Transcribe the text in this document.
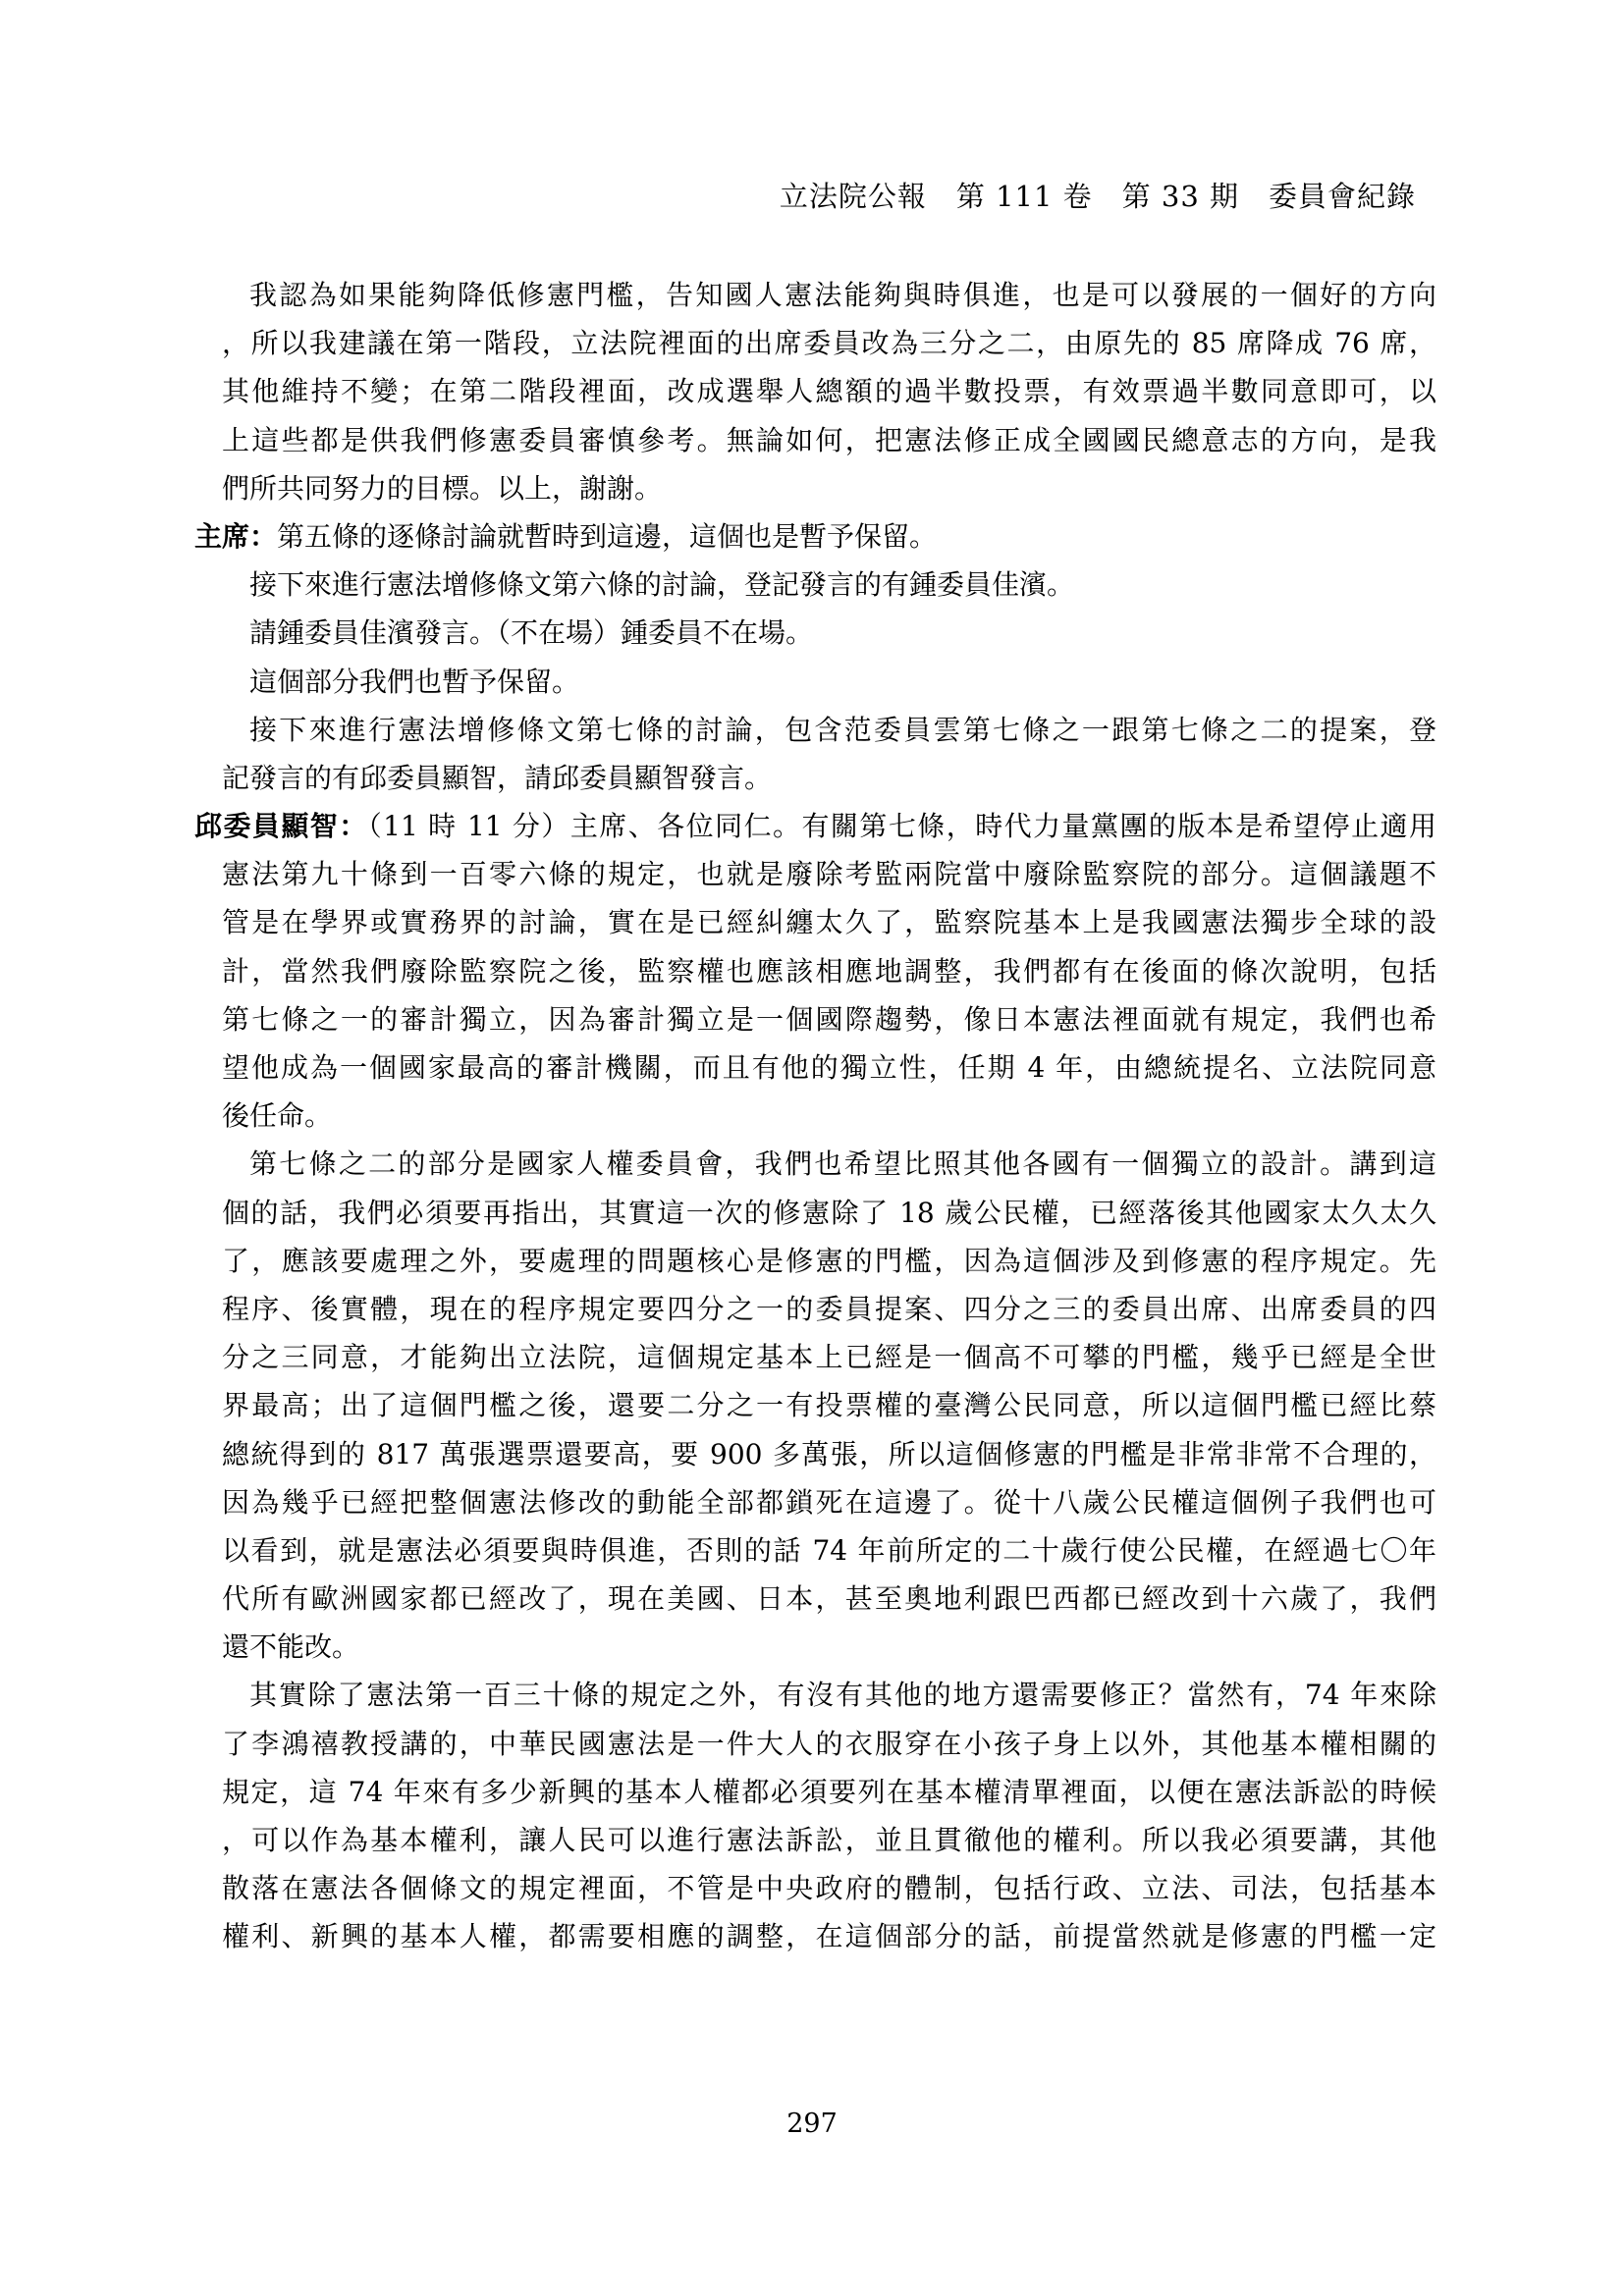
立法院公報　第 111 卷　第 33 期　委員會紀錄
我認為如果能夠降低修憲門檻，告知國人憲法能夠與時俱進，也是可以發展的一個好的方向
，所以我建議在第一階段，立法院裡面的出席委員改為三分之二，由原先的 85 席降成 76 席，
其他維持不變；在第二階段裡面，改成選舉人總額的過半數投票，有效票過半數同意即可，以
上這些都是供我們修憲委員審慎參考。無論如何，把憲法修正成全國國民總意志的方向，是我
們所共同努力的目標。以上，謝謝。
主席：第五條的逐條討論就暫時到這邊，這個也是暫予保留。
接下來進行憲法增修條文第六條的討論，登記發言的有鍾委員佳濱。
請鍾委員佳濱發言。（不在場）鍾委員不在場。
這個部分我們也暫予保留。
接下來進行憲法增修條文第七條的討論，包含范委員雲第七條之一跟第七條之二的提案，登
記發言的有邱委員顯智，請邱委員顯智發言。
邱委員顯智：（11 時 11 分）主席、各位同仁。有關第七條，時代力量黨團的版本是希望停止適用
憲法第九十條到一百零六條的規定，也就是廢除考監兩院當中廢除監察院的部分。這個議題不
管是在學界或實務界的討論，實在是已經糾纏太久了，監察院基本上是我國憲法獨步全球的設
計，當然我們廢除監察院之後，監察權也應該相應地調整，我們都有在後面的條次說明，包括
第七條之一的審計獨立，因為審計獨立是一個國際趨勢，像日本憲法裡面就有規定，我們也希
望他成為一個國家最高的審計機關，而且有他的獨立性，任期 4 年，由總統提名、立法院同意
後任命。
第七條之二的部分是國家人權委員會，我們也希望比照其他各國有一個獨立的設計。講到這
個的話，我們必須要再指出，其實這一次的修憲除了 18 歲公民權，已經落後其他國家太久太久
了，應該要處理之外，要處理的問題核心是修憲的門檻，因為這個涉及到修憲的程序規定。先
程序、後實體，現在的程序規定要四分之一的委員提案、四分之三的委員出席、出席委員的四
分之三同意，才能夠出立法院，這個規定基本上已經是一個高不可攀的門檻，幾乎已經是全世
界最高；出了這個門檻之後，還要二分之一有投票權的臺灣公民同意，所以這個門檻已經比蔡
總統得到的 817 萬張選票還要高，要 900 多萬張，所以這個修憲的門檻是非常非常不合理的，
因為幾乎已經把整個憲法修改的動能全部都鎖死在這邊了。從十八歲公民權這個例子我們也可
以看到，就是憲法必須要與時俱進，否則的話 74 年前所定的二十歲行使公民權，在經過七〇年
代所有歐洲國家都已經改了，現在美國、日本，甚至奧地利跟巴西都已經改到十六歲了，我們
還不能改。
其實除了憲法第一百三十條的規定之外，有沒有其他的地方還需要修正？當然有，74 年來除
了李鴻禧教授講的，中華民國憲法是一件大人的衣服穿在小孩子身上以外，其他基本權相關的
規定，這 74 年來有多少新興的基本人權都必須要列在基本權清單裡面，以便在憲法訴訟的時候
，可以作為基本權利，讓人民可以進行憲法訴訟，並且貫徹他的權利。所以我必須要講，其他
散落在憲法各個條文的規定裡面，不管是中央政府的體制，包括行政、立法、司法，包括基本
權利、新興的基本人權，都需要相應的調整，在這個部分的話，前提當然就是修憲的門檻一定
297
